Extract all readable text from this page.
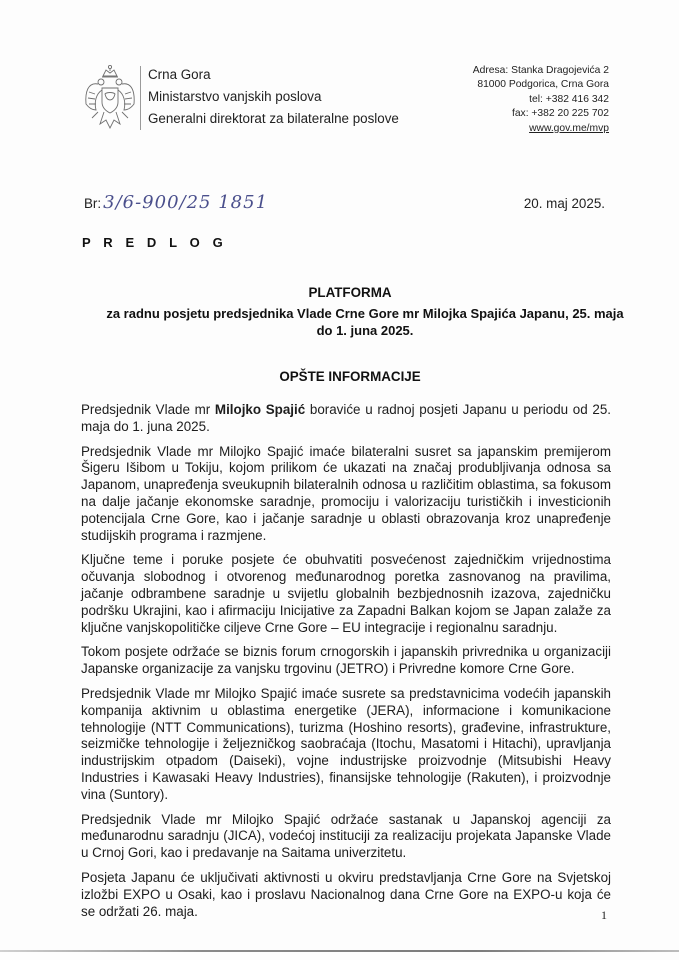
Crna Gora
Ministarstvo vanjskih poslova
Generalni direktorat za bilateralne poslove
Adresa: Stanka Dragojevića 2
81000 Podgorica, Crna Gora
tel: +382 416 342
fax: +382 20 225 702
www.gov.me/mvp
Br: 3/6-900/25 1851	20. maj 2025.
P R E D L O G
PLATFORMA
za radnu posjetu predsjednika Vlade Crne Gore mr Milojka Spajića Japanu, 25. maja do 1. juna 2025.
OPŠTE INFORMACIJE

Predsjednik Vlade mr Milojko Spajić boraviće u radnoj posjeti Japanu u periodu od 25. maja do 1. juna 2025.

Predsjednik Vlade mr Milojko Spajić imaće bilateralni susret sa japanskim premijerom Šigeru Išibom u Tokiju, kojom prilikom će ukazati na značaj produbljivanja odnosa sa Japanom, unapređenja sveukupnih bilateralnih odnosa u različitim oblastima, sa fokusom na dalje jačanje ekonomske saradnje, promociju i valorizaciju turističkih i investicionih potencijala Crne Gore, kao i jačanje saradnje u oblasti obrazovanja kroz unapređenje studijskih programa i razmjene.

Ključne teme i poruke posjete će obuhvatiti posvećenost zajedničkim vrijednostima očuvanja slobodnog i otvorenog međunarodnog poretka zasnovanog na pravilima, jačanje odbrambene saradnje u svijetlu globalnih bezbjednosnih izazova, zajedničku podršku Ukrajini, kao i afirmaciju Inicijative za Zapadni Balkan kojom se Japan zalaže za ključne vanjskopolitičke ciljeve Crne Gore – EU integracije i regionalnu saradnju.

Tokom posjete održaće se biznis forum crnogorskih i japanskih privrednika u organizaciji Japanske organizacije za vanjsku trgovinu (JETRO) i Privredne komore Crne Gore.

Predsjednik Vlade mr Milojko Spajić imaće susrete sa predstavnicima vodećih japanskih kompanija aktivnim u oblastima energetike (JERA), informacione i komunikacione tehnologije (NTT Communications), turizma (Hoshino resorts), građevine, infrastrukture, seizmičke tehnologije i željezničkog saobraćaja (Itochu, Masatomi i Hitachi), upravljanja industrijskim otpadom (Daiseki), vojne industrijske proizvodnje (Mitsubishi Heavy Industries i Kawasaki Heavy Industries), finansijske tehnologije (Rakuten), i proizvodnje vina (Suntory).

Predsjednik Vlade mr Milojko Spajić održaće sastanak u Japanskoj agenciji za međunarodnu saradnju (JICA), vodećoj instituciji za realizaciju projekata Japanske Vlade u Crnoj Gori, kao i predavanje na Saitama univerzitetu.

Posjeta Japanu će uključivati aktivnosti u okviru predstavljanja Crne Gore na Svjetskoj izložbi EXPO u Osaki, kao i proslavu Nacionalnog dana Crne Gore na EXPO-u koja će se održati 26. maja.	1
